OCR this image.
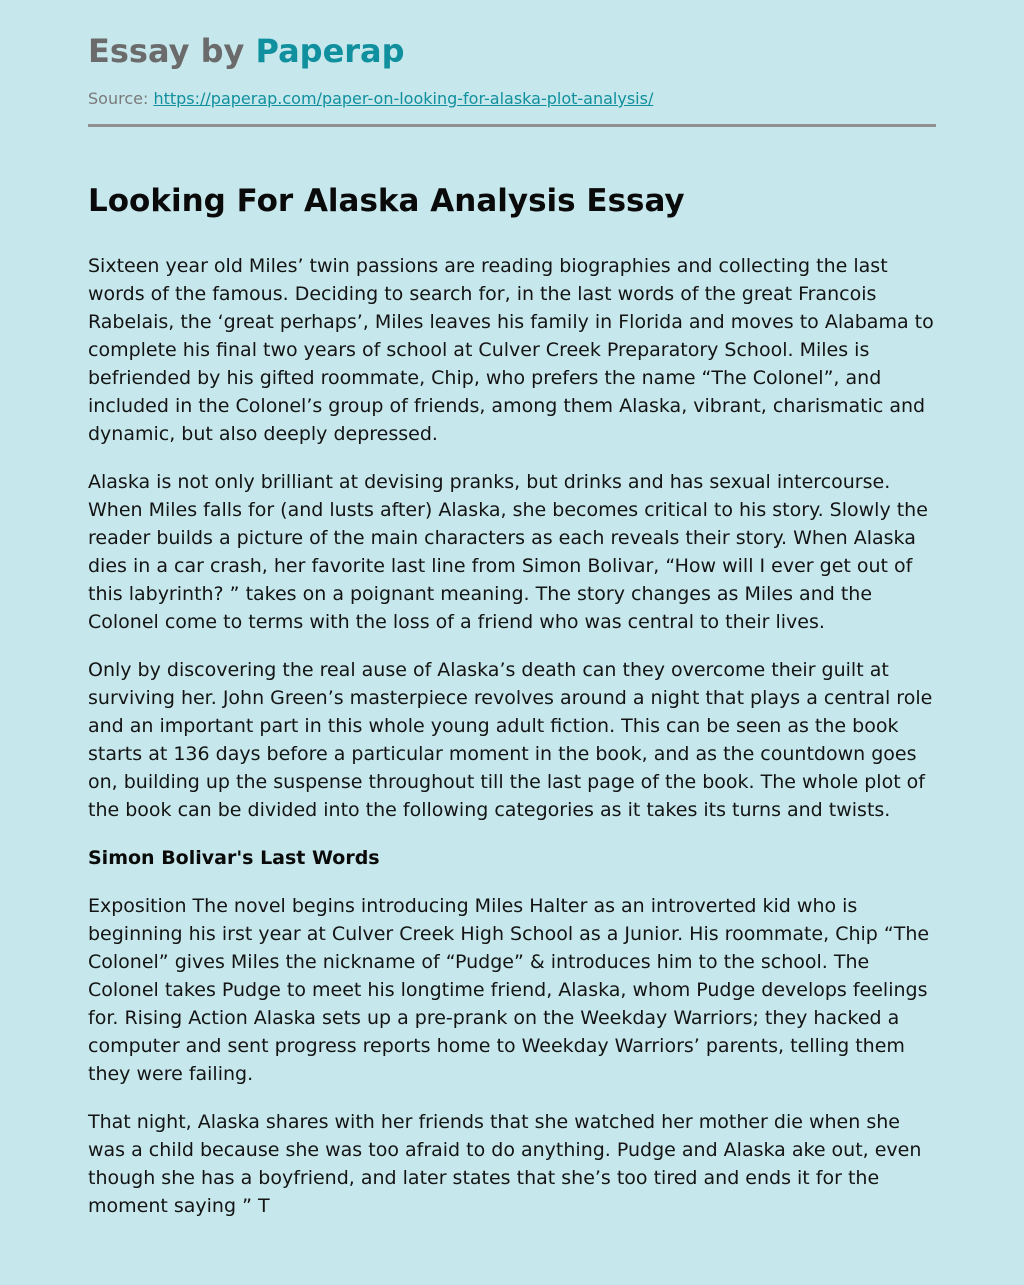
Essay by Paperap
Source: https://paperap.com/paper-on-looking-for-alaska-plot-analysis/
Looking For Alaska Analysis Essay

Sixteen year old Miles’ twin passions are reading biographies and collecting the last words of the famous. Deciding to search for, in the last words of the great Francois Rabelais, the ‘great perhaps’, Miles leaves his family in Florida and moves to Alabama to complete his final two years of school at Culver Creek Preparatory School. Miles is befriended by his gifted roommate, Chip, who prefers the name “The Colonel”, and included in the Colonel’s group of friends, among them Alaska, vibrant, charismatic and dynamic, but also deeply depressed.

Alaska is not only brilliant at devising pranks, but drinks and has sexual intercourse. When Miles falls for (and lusts after) Alaska, she becomes critical to his story. Slowly the reader builds a picture of the main characters as each reveals their story. When Alaska dies in a car crash, her favorite last line from Simon Bolivar, “How will I ever get out of this labyrinth? ” takes on a poignant meaning. The story changes as Miles and the Colonel come to terms with the loss of a friend who was central to their lives.

Only by discovering the real ause of Alaska’s death can they overcome their guilt at surviving her. John Green’s masterpiece revolves around a night that plays a central role and an important part in this whole young adult fiction. This can be seen as the book starts at 136 days before a particular moment in the book, and as the countdown goes on, building up the suspense throughout till the last page of the book. The whole plot of the book can be divided into the following categories as it takes its turns and twists.

Simon Bolivar's Last Words

Exposition The novel begins introducing Miles Halter as an introverted kid who is beginning his irst year at Culver Creek High School as a Junior. His roommate, Chip “The Colonel” gives Miles the nickname of “Pudge” & introduces him to the school. The Colonel takes Pudge to meet his longtime friend, Alaska, whom Pudge develops feelings for. Rising Action Alaska sets up a pre-prank on the Weekday Warriors; they hacked a computer and sent progress reports home to Weekday Warriors’ parents, telling them they were failing.

That night, Alaska shares with her friends that she watched her mother die when she was a child because she was too afraid to do anything. Pudge and Alaska ake out, even though she has a boyfriend, and later states that she’s too tired and ends it for the moment saying ” T
